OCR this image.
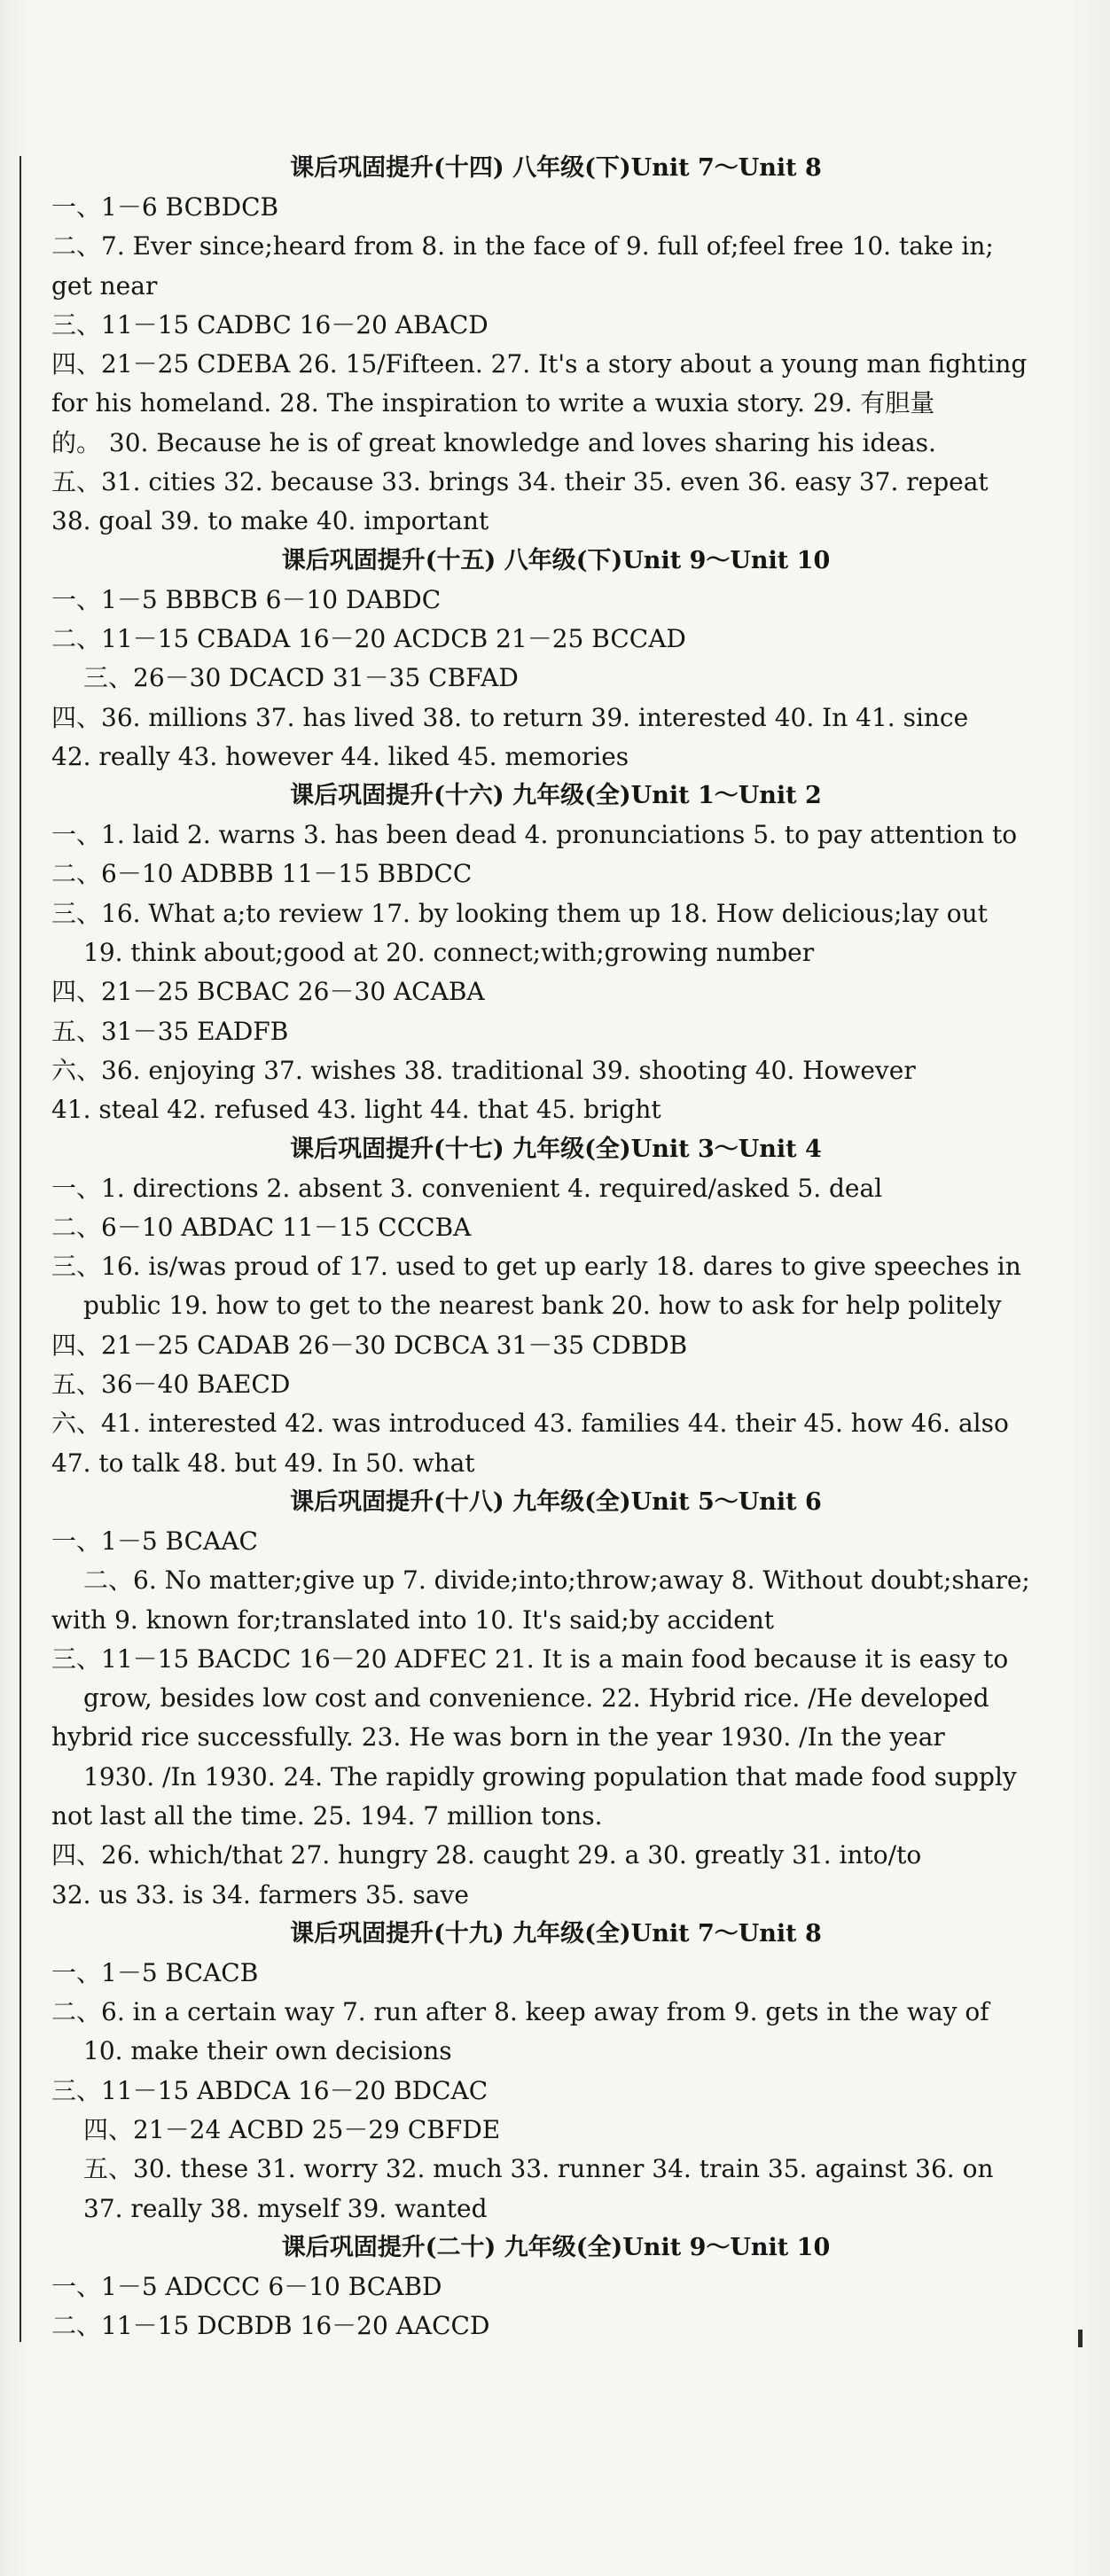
课后巩固提升(十四) 八年级(下)Unit 7～Unit 8
一、1－6 BCBDCB
二、7. Ever since;heard from 8. in the face of 9. full of;feel free 10. take in;
get near
三、11－15 CADBC 16－20 ABACD
四、21－25 CDEBA 26. 15/Fifteen. 27. It's a story about a young man fighting
for his homeland. 28. The inspiration to write a wuxia story. 29. 有胆量
的。 30. Because he is of great knowledge and loves sharing his ideas.
五、31. cities 32. because 33. brings 34. their 35. even 36. easy 37. repeat
38. goal 39. to make 40. important
课后巩固提升(十五) 八年级(下)Unit 9～Unit 10
一、1－5 BBBCB 6－10 DABDC
二、11－15 CBADA 16－20 ACDCB 21－25 BCCAD
三、26－30 DCACD 31－35 CBFAD
四、36. millions 37. has lived 38. to return 39. interested 40. In 41. since
42. really 43. however 44. liked 45. memories
课后巩固提升(十六) 九年级(全)Unit 1～Unit 2
一、1. laid 2. warns 3. has been dead 4. pronunciations 5. to pay attention to
二、6－10 ADBBB 11－15 BBDCC
三、16. What a;to review 17. by looking them up 18. How delicious;lay out
19. think about;good at 20. connect;with;growing number
四、21－25 BCBAC 26－30 ACABA
五、31－35 EADFB
六、36. enjoying 37. wishes 38. traditional 39. shooting 40. However
41. steal 42. refused 43. light 44. that 45. bright
课后巩固提升(十七) 九年级(全)Unit 3～Unit 4
一、1. directions 2. absent 3. convenient 4. required/asked 5. deal
二、6－10 ABDAC 11－15 CCCBA
三、16. is/was proud of 17. used to get up early 18. dares to give speeches in
public 19. how to get to the nearest bank 20. how to ask for help politely
四、21－25 CADAB 26－30 DCBCA 31－35 CDBDB
五、36－40 BAECD
六、41. interested 42. was introduced 43. families 44. their 45. how 46. also
47. to talk 48. but 49. In 50. what
课后巩固提升(十八) 九年级(全)Unit 5～Unit 6
一、1－5 BCAAC
二、6. No matter;give up 7. divide;into;throw;away 8. Without doubt;share;
with 9. known for;translated into 10. It's said;by accident
三、11－15 BACDC 16－20 ADFEC 21. It is a main food because it is easy to
grow, besides low cost and convenience. 22. Hybrid rice. /He developed
hybrid rice successfully. 23. He was born in the year 1930. /In the year
1930. /In 1930. 24. The rapidly growing population that made food supply
not last all the time. 25. 194. 7 million tons.
四、26. which/that 27. hungry 28. caught 29. a 30. greatly 31. into/to
32. us 33. is 34. farmers 35. save
课后巩固提升(十九) 九年级(全)Unit 7～Unit 8
一、1－5 BCACB
二、6. in a certain way 7. run after 8. keep away from 9. gets in the way of
10. make their own decisions
三、11－15 ABDCA 16－20 BDCAC
四、21－24 ACBD 25－29 CBFDE
五、30. these 31. worry 32. much 33. runner 34. train 35. against 36. on
37. really 38. myself 39. wanted
课后巩固提升(二十) 九年级(全)Unit 9～Unit 10
一、1－5 ADCCC 6－10 BCABD
二、11－15 DCBDB 16－20 AACCD
